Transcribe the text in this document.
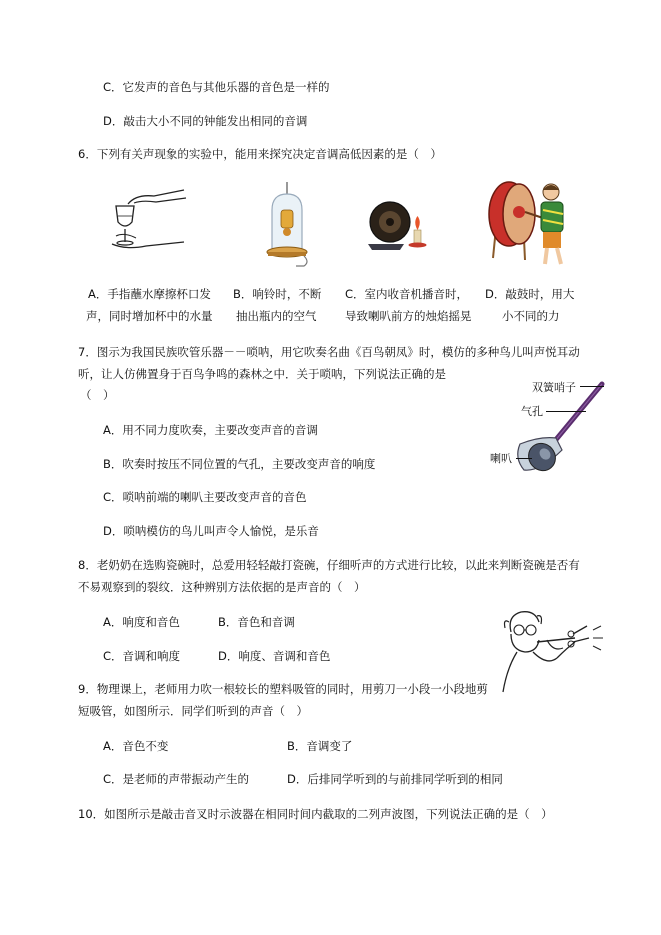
C．它发声的音色与其他乐器的音色是一样的
D．敲击大小不同的钟能发出相同的音调
6．下列有关声现象的实验中，能用来探究决定音调高低因素的是（　）
A．手指蘸水摩擦杯口发
声，同时增加杯中的水量
B．响铃时，不断
抽出瓶内的空气
C．室内收音机播音时，
导致喇叭前方的烛焰摇晃
D．敲鼓时，用大
小不同的力
7．图示为我国民族吹管乐器－－唢呐，用它吹奏名曲《百鸟朝凤》时，模仿的多种鸟儿叫声悦耳动
听，让人仿佛置身于百鸟争鸣的森林之中．关于唢呐，下列说法正确的是
（　）
双簧哨子
气孔
喇叭
A．用不同力度吹奏，主要改变声音的音调
B．吹奏时按压不同位置的气孔，主要改变声音的响度
C．唢呐前端的喇叭主要改变声音的音色
D．唢呐模仿的鸟儿叫声令人愉悦，是乐音
8．老奶奶在选购瓷碗时，总爱用轻轻敲打瓷碗，仔细听声的方式进行比较，以此来判断瓷碗是否有
不易观察到的裂纹．这种辨别方法依据的是声音的（　）
A．响度和音色	B．音色和音调
C．音调和响度	D．响度、音调和音色
9．物理课上，老师用力吹一根较长的塑料吸管的同时，用剪刀一小段一小段地剪
短吸管，如图所示．同学们听到的声音（　）
A．音色不变	B．音调变了
C．是老师的声带振动产生的	D．后排同学听到的与前排同学听到的相同
10．如图所示是敲击音叉时示波器在相同时间内截取的二列声波图，下列说法正确的是（　）
